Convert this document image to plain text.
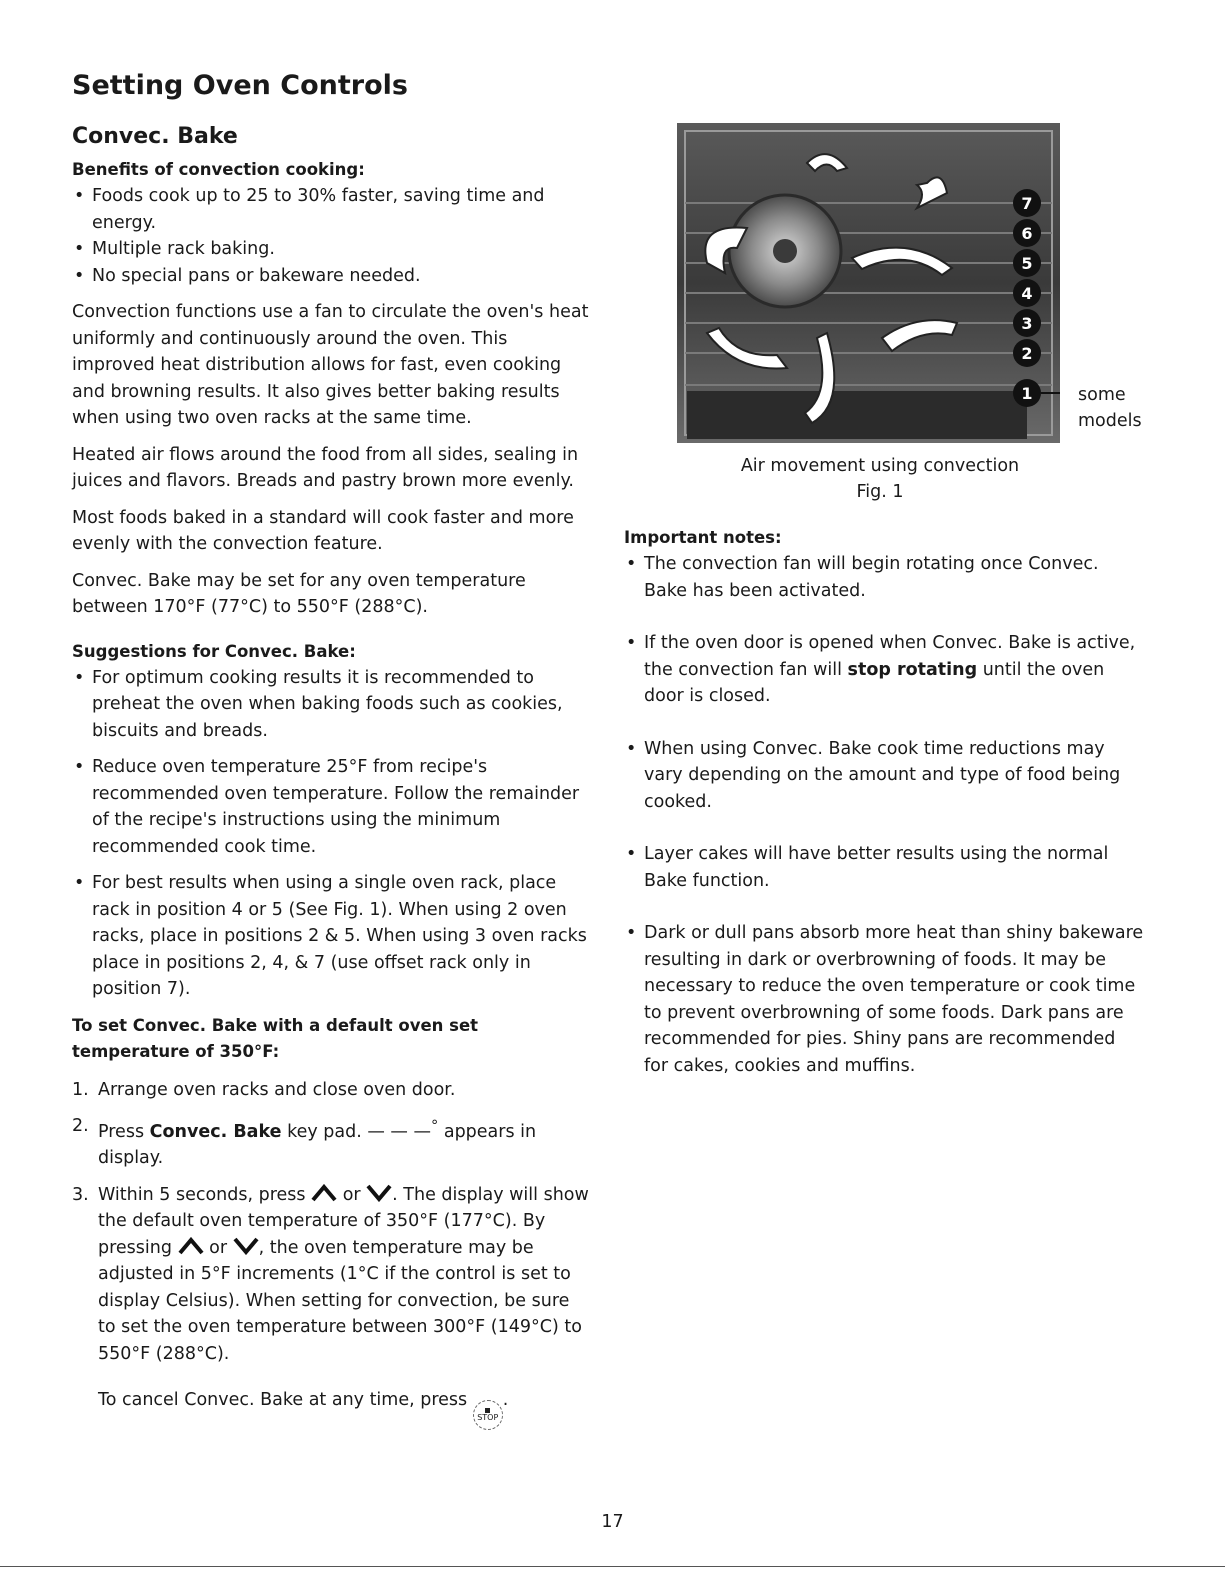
Setting Oven Controls
Convec. Bake
Benefits of convection cooking:
• Foods cook up to 25 to 30% faster, saving time and energy.
• Multiple rack baking.
• No special pans or bakeware needed.

Convection functions use a fan to circulate the oven's heat uniformly and continuously around the oven. This improved heat distribution allows for fast, even cooking and browning results. It also gives better baking results when using two oven racks at the same time.

Heated air flows around the food from all sides, sealing in juices and flavors. Breads and pastry brown more evenly.

Most foods baked in a standard will cook faster and more evenly with the convection feature.

Convec. Bake may be set for any oven temperature between 170°F (77°C) to 550°F (288°C).

Suggestions for Convec. Bake:
• For optimum cooking results it is recommended to preheat the oven when baking foods such as cookies, biscuits and breads.
• Reduce oven temperature 25°F from recipe's recommended oven temperature. Follow the remainder of the recipe's instructions using the minimum recommended cook time.
• For best results when using a single oven rack, place rack in position 4 or 5 (See Fig. 1). When using 2 oven racks, place in positions 2 & 5. When using 3 oven racks place in positions 2, 4, & 7 (use offset rack only in position 7).
To set Convec. Bake with a default oven set temperature of 350°F:
1. Arrange oven racks and close oven door.
2. Press Convec. Bake key pad. — — —° appears in display.
3. Within 5 seconds, press or . The display will show the default oven temperature of 350°F (177°C). By pressing or , the oven temperature may be adjusted in 5°F increments (1°C if the control is set to display Celsius). When setting for convection, be sure to set the oven temperature between 300°F (149°C) to 550°F (288°C).

To cancel Convec. Bake at any time, press
STOP
.

7
6
5
4
3
2
1	some models
Air movement using convection
Fig. 1
Important notes:
• The convection fan will begin rotating once Convec. Bake has been activated.
• If the oven door is opened when Convec. Bake is active, the convection fan will stop rotating until the oven door is closed.
• When using Convec. Bake cook time reductions may vary depending on the amount and type of food being cooked.
• Layer cakes will have better results using the normal Bake function.
• Dark or dull pans absorb more heat than shiny bakeware resulting in dark or overbrowning of foods. It may be necessary to reduce the oven temperature or cook time to prevent overbrowning of some foods. Dark pans are recommended for pies. Shiny pans are recommended for cakes, cookies and muffins.
17
